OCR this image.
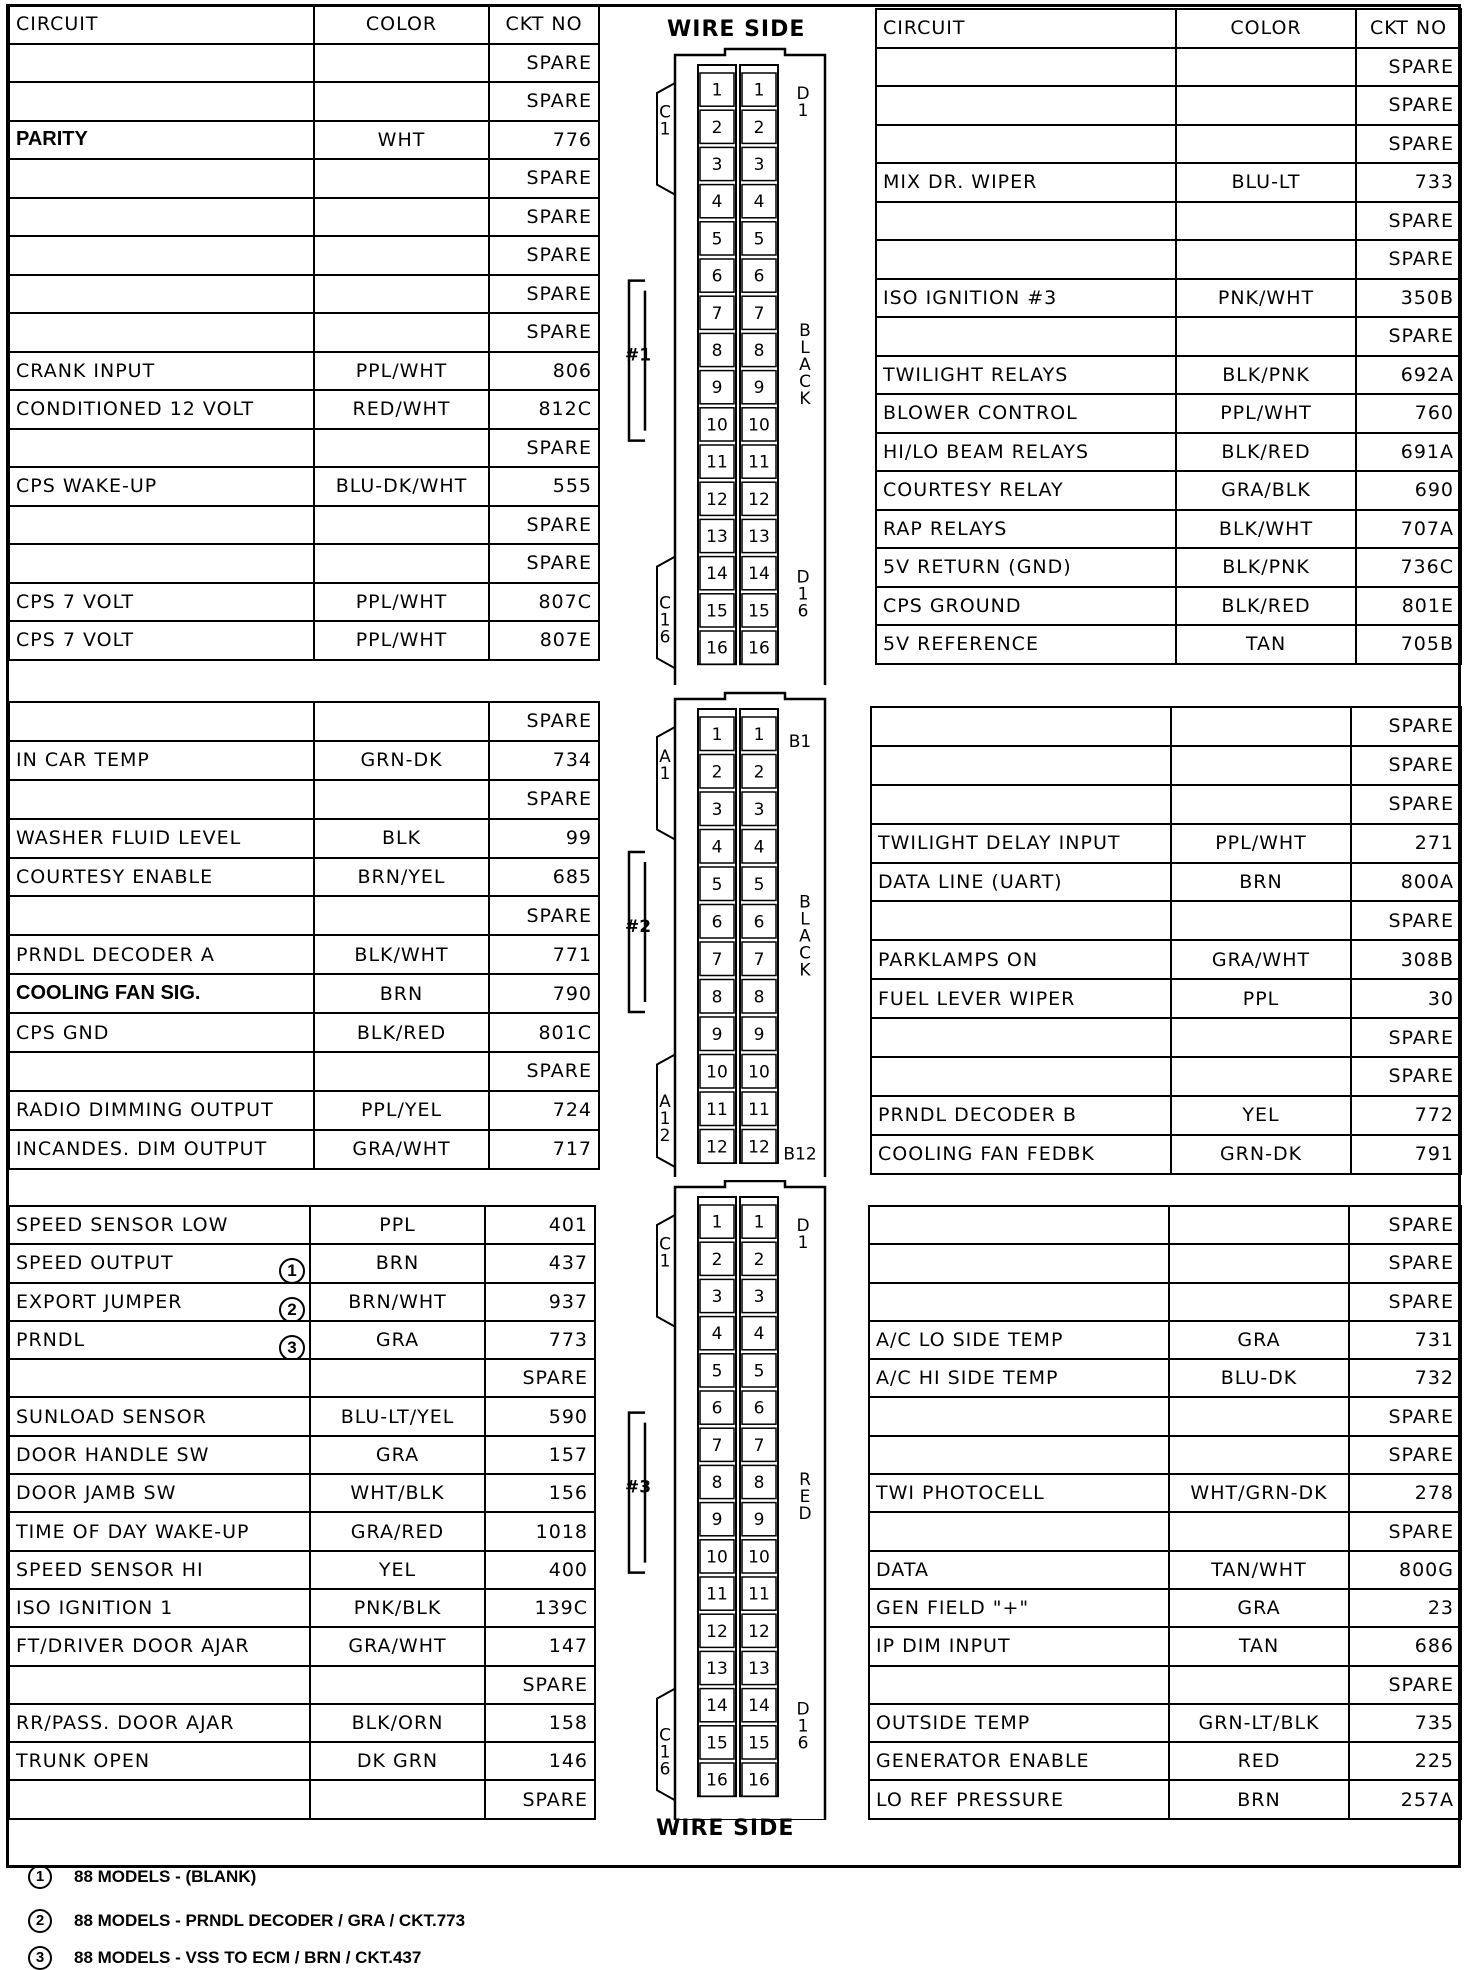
CIRCUIT	COLOR	CKT NO
		SPARE
		SPARE
PARITY	WHT	776
		SPARE
		SPARE
		SPARE
		SPARE
		SPARE
CRANK INPUT	PPL/WHT	806
CONDITIONED 12 VOLT	RED/WHT	812C
		SPARE
CPS WAKE-UP	BLU-DK/WHT	555
		SPARE
		SPARE
CPS 7 VOLT	PPL/WHT	807C
CPS 7 VOLT	PPL/WHT	807E
CIRCUIT	COLOR	CKT NO
		SPARE
		SPARE
		SPARE
MIX DR. WIPER	BLU-LT	733
		SPARE
		SPARE
ISO IGNITION #3	PNK/WHT	350B
		SPARE
TWILIGHT RELAYS	BLK/PNK	692A
BLOWER CONTROL	PPL/WHT	760
HI/LO BEAM RELAYS	BLK/RED	691A
COURTESY RELAY	GRA/BLK	690
RAP RELAYS	BLK/WHT	707A
5V RETURN (GND)	BLK/PNK	736C
CPS GROUND	BLK/RED	801E
5V REFERENCE	TAN	705B
		SPARE
IN CAR TEMP	GRN-DK	734
		SPARE
WASHER FLUID LEVEL	BLK	99
COURTESY ENABLE	BRN/YEL	685
		SPARE
PRNDL DECODER A	BLK/WHT	771
COOLING FAN SIG.	BRN	790
CPS GND	BLK/RED	801C
		SPARE
RADIO DIMMING OUTPUT	PPL/YEL	724
INCANDES. DIM OUTPUT	GRA/WHT	717
		SPARE
		SPARE
		SPARE
TWILIGHT DELAY INPUT	PPL/WHT	271
DATA LINE (UART)	BRN	800A
		SPARE
PARKLAMPS ON	GRA/WHT	308B
FUEL LEVER WIPER	PPL	30
		SPARE
		SPARE
PRNDL DECODER B	YEL	772
COOLING FAN FEDBK	GRN-DK	791
SPEED SENSOR LOW	PPL	401

SPEED OUTPUT 1	BRN	437

EXPORT JUMPER 2	BRN/WHT	937

PRNDL 3	GRA	773
		SPARE
SUNLOAD SENSOR	BLU-LT/YEL	590
DOOR HANDLE SW	GRA	157
DOOR JAMB SW	WHT/BLK	156
TIME OF DAY WAKE-UP	GRA/RED	1018
SPEED SENSOR HI	YEL	400
ISO IGNITION 1	PNK/BLK	139C
FT/DRIVER DOOR AJAR	GRA/WHT	147
		SPARE
RR/PASS. DOOR AJAR	BLK/ORN	158
TRUNK OPEN	DK GRN	146
		SPARE
		SPARE
		SPARE
		SPARE
A/C LO SIDE TEMP	GRA	731
A/C HI SIDE TEMP	BLU-DK	732
		SPARE
		SPARE
TWI PHOTOCELL	WHT/GRN-DK	278
		SPARE
DATA	TAN/WHT	800G
GEN FIELD "+"	GRA	23
IP DIM INPUT	TAN	686
		SPARE
OUTSIDE TEMP	GRN-LT/BLK	735
GENERATOR ENABLE	RED	225
LO REF PRESSURE	BRN	257A
WIRE SIDE
WIRE SIDE
1 1
2 2
3 3
4 4
5 5
6 6
7 7
8 8
9 9
10 10
11 11
12 12
13 13
14 14
15 15
16 16
C 1
C 1 6
D 1
D 1 6
B L A C K
#1
1 1
2 2
3 3
4 4
5 5
6 6
7 7
8 8
9 9
10 10
11 11
12 12
A 1
A 1 2
B1
B12
B L A C K
#2
1 1
2 2
3 3
4 4
5 5
6 6
7 7
8 8
9 9
10 10
11 11
12 12
13 13
14 14
15 15
16 16
C 1
C 1 6
D 1
D 1 6
R E D
#3
1	88 MODELS - (BLANK)
2	88 MODELS - PRNDL DECODER / GRA / CKT.773
3	88 MODELS - VSS TO ECM / BRN / CKT.437
